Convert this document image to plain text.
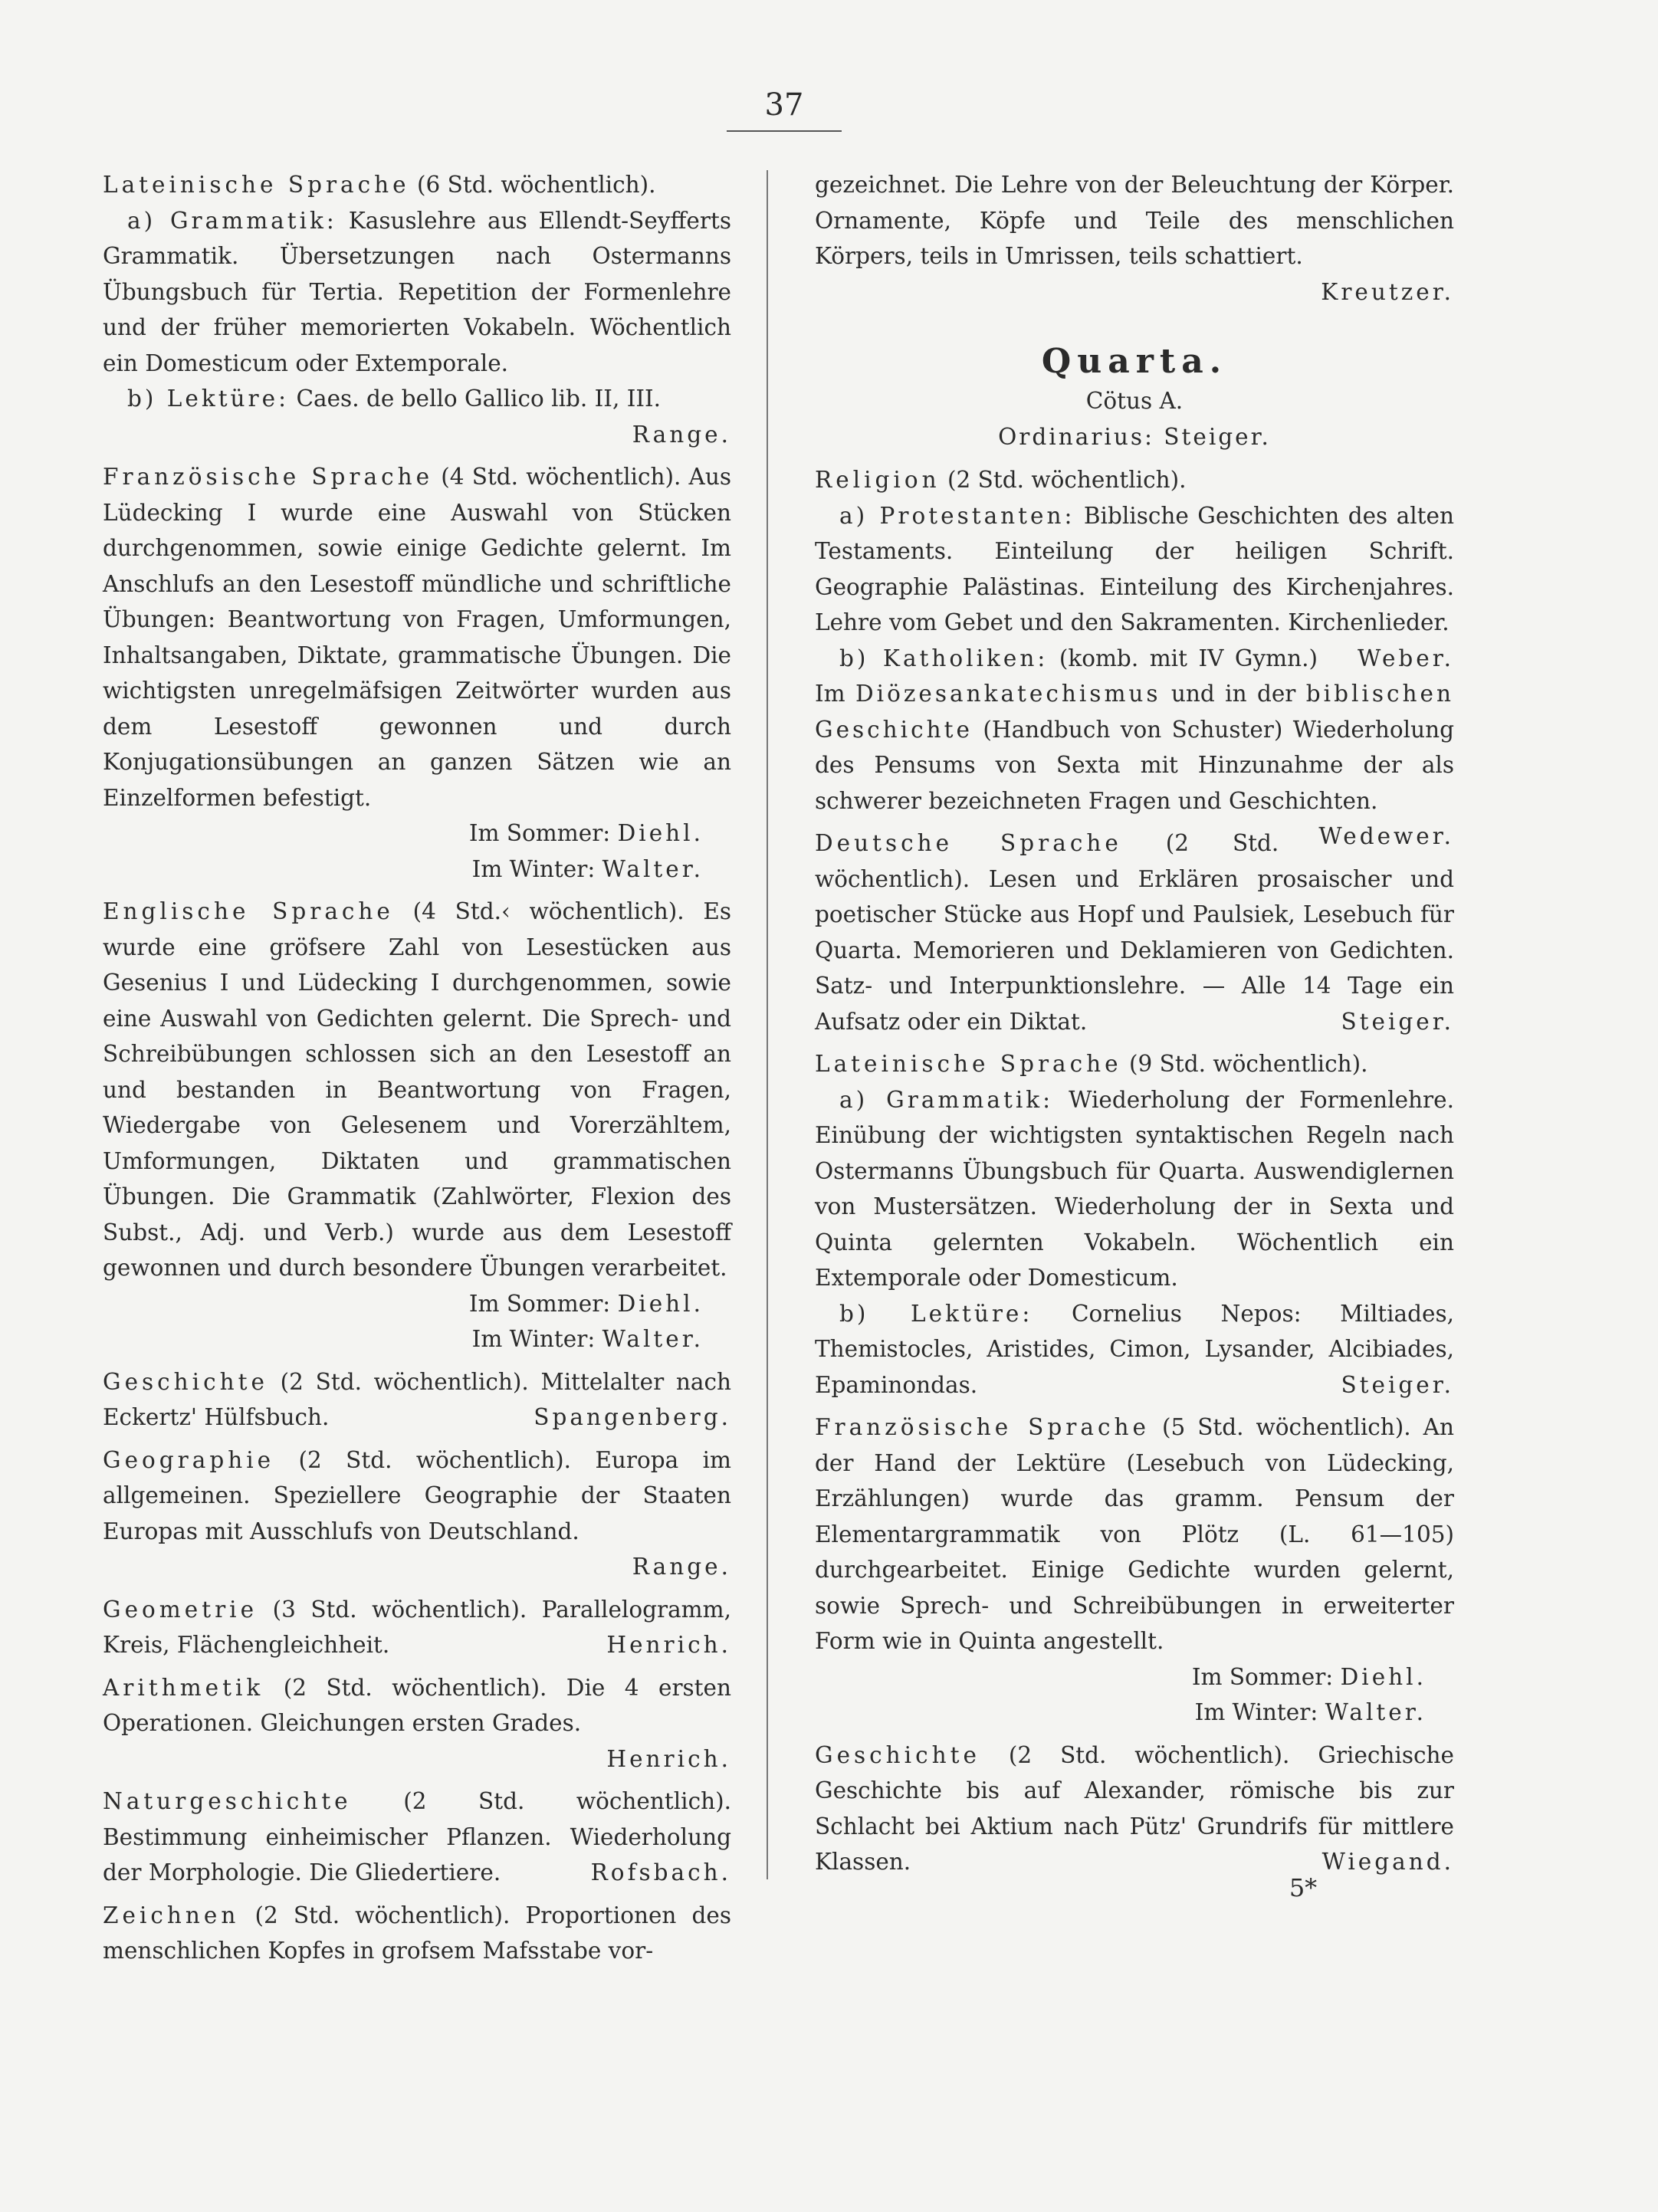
37
Lateinische Sprache (6 Std. wöchentlich).

a) Grammatik: Kasuslehre aus Ellendt-Seyfferts Grammatik. Übersetzungen nach Ostermanns Übungsbuch für Tertia. Repetition der Formenlehre und der früher memorierten Vokabeln. Wöchentlich ein Domesticum oder Extemporale.

b) Lektüre: Caes. de bello Gallico lib. II, III.

Range.

Französische Sprache (4 Std. wöchentlich). Aus Lüdecking I wurde eine Auswahl von Stücken durchgenommen, sowie einige Gedichte gelernt. Im Anschlufs an den Lesestoff mündliche und schriftliche Übungen: Beantwortung von Fragen, Umformungen, Inhaltsangaben, Diktate, grammatische Übungen. Die wichtigsten unregelmäfsigen Zeitwörter wurden aus dem Lesestoff gewonnen und durch Konjugationsübungen an ganzen Sätzen wie an Einzelformen befestigt.
Im Sommer: Diehl.
Im Winter: Walter.
Englische Sprache (4 Std.‹ wöchentlich). Es wurde eine gröfsere Zahl von Lesestücken aus Gesenius I und Lüdecking I durchgenommen, sowie eine Auswahl von Gedichten gelernt. Die Sprech- und Schreibübungen schlossen sich an den Lesestoff an und bestanden in Beantwortung von Fragen, Wiedergabe von Gelesenem und Vorerzähltem, Umformungen, Diktaten und grammatischen Übungen. Die Grammatik (Zahlwörter, Flexion des Subst., Adj. und Verb.) wurde aus dem Lesestoff gewonnen und durch besondere Übungen verarbeitet.
Im Sommer: Diehl.
Im Winter: Walter.
Geschichte (2 Std. wöchentlich). Mittelalter nach Eckertz' Hülfsbuch.	Spangenberg.
Geographie (2 Std. wöchentlich). Europa im allgemeinen. Speziellere Geographie der Staaten Europas mit Ausschlufs von Deutschland.

Range.

Geometrie (3 Std. wöchentlich). Parallelogramm, Kreis, Flächengleichheit.	Henrich.
Arithmetik (2 Std. wöchentlich). Die 4 ersten Operationen. Gleichungen ersten Grades.

Henrich.

Naturgeschichte (2 Std. wöchentlich). Bestimmung einheimischer Pflanzen. Wiederholung der Morphologie. Die Gliedertiere.	Rofsbach.
Zeichnen (2 Std. wöchentlich). Proportionen des menschlichen Kopfes in grofsem Mafsstabe vor-
gezeichnet. Die Lehre von der Beleuchtung der Körper. Ornamente, Köpfe und Teile des menschlichen Körpers, teils in Umrissen, teils schattiert.

Kreutzer.

Quarta.

Cötus A.

Ordinarius: Steiger.

Religion (2 Std. wöchentlich).

a) Protestanten: Biblische Geschichten des alten Testaments. Einteilung der heiligen Schrift. Geographie Palästinas. Einteilung des Kirchenjahres. Lehre vom Gebet und den Sakramenten. Kirchenlieder.
Weber.

b) Katholiken: (komb. mit IV Gymn.) Im Diözesankatechismus und in der biblischen Geschichte (Handbuch von Schuster) Wiederholung des Pensums von Sexta mit Hinzunahme der als schwerer bezeichneten Fragen und Geschichten.
Wedewer.

Deutsche Sprache (2 Std. wöchentlich). Lesen und Erklären prosaischer und poetischer Stücke aus Hopf und Paulsiek, Lesebuch für Quarta. Memorieren und Deklamieren von Gedichten. Satz- und Interpunktionslehre. — Alle 14 Tage ein Aufsatz oder ein Diktat.	Steiger.
Lateinische Sprache (9 Std. wöchentlich).

a) Grammatik: Wiederholung der Formenlehre. Einübung der wichtigsten syntaktischen Regeln nach Ostermanns Übungsbuch für Quarta. Auswendiglernen von Mustersätzen. Wiederholung der in Sexta und Quinta gelernten Vokabeln. Wöchentlich ein Extemporale oder Domesticum.

b) Lektüre: Cornelius Nepos: Miltiades, Themistocles, Aristides, Cimon, Lysander, Alcibiades, Epaminondas.	Steiger.

Französische Sprache (5 Std. wöchentlich). An der Hand der Lektüre (Lesebuch von Lüdecking, Erzählungen) wurde das gramm. Pensum der Elementargrammatik von Plötz (L. 61—105) durchgearbeitet. Einige Gedichte wurden gelernt, sowie Sprech- und Schreibübungen in erweiterter Form wie in Quinta angestellt.
Im Sommer: Diehl.
Im Winter: Walter.
Geschichte (2 Std. wöchentlich). Griechische Geschichte bis auf Alexander, römische bis zur Schlacht bei Aktium nach Pütz' Grundrifs für mittlere Klassen.	Wiegand.
5*
